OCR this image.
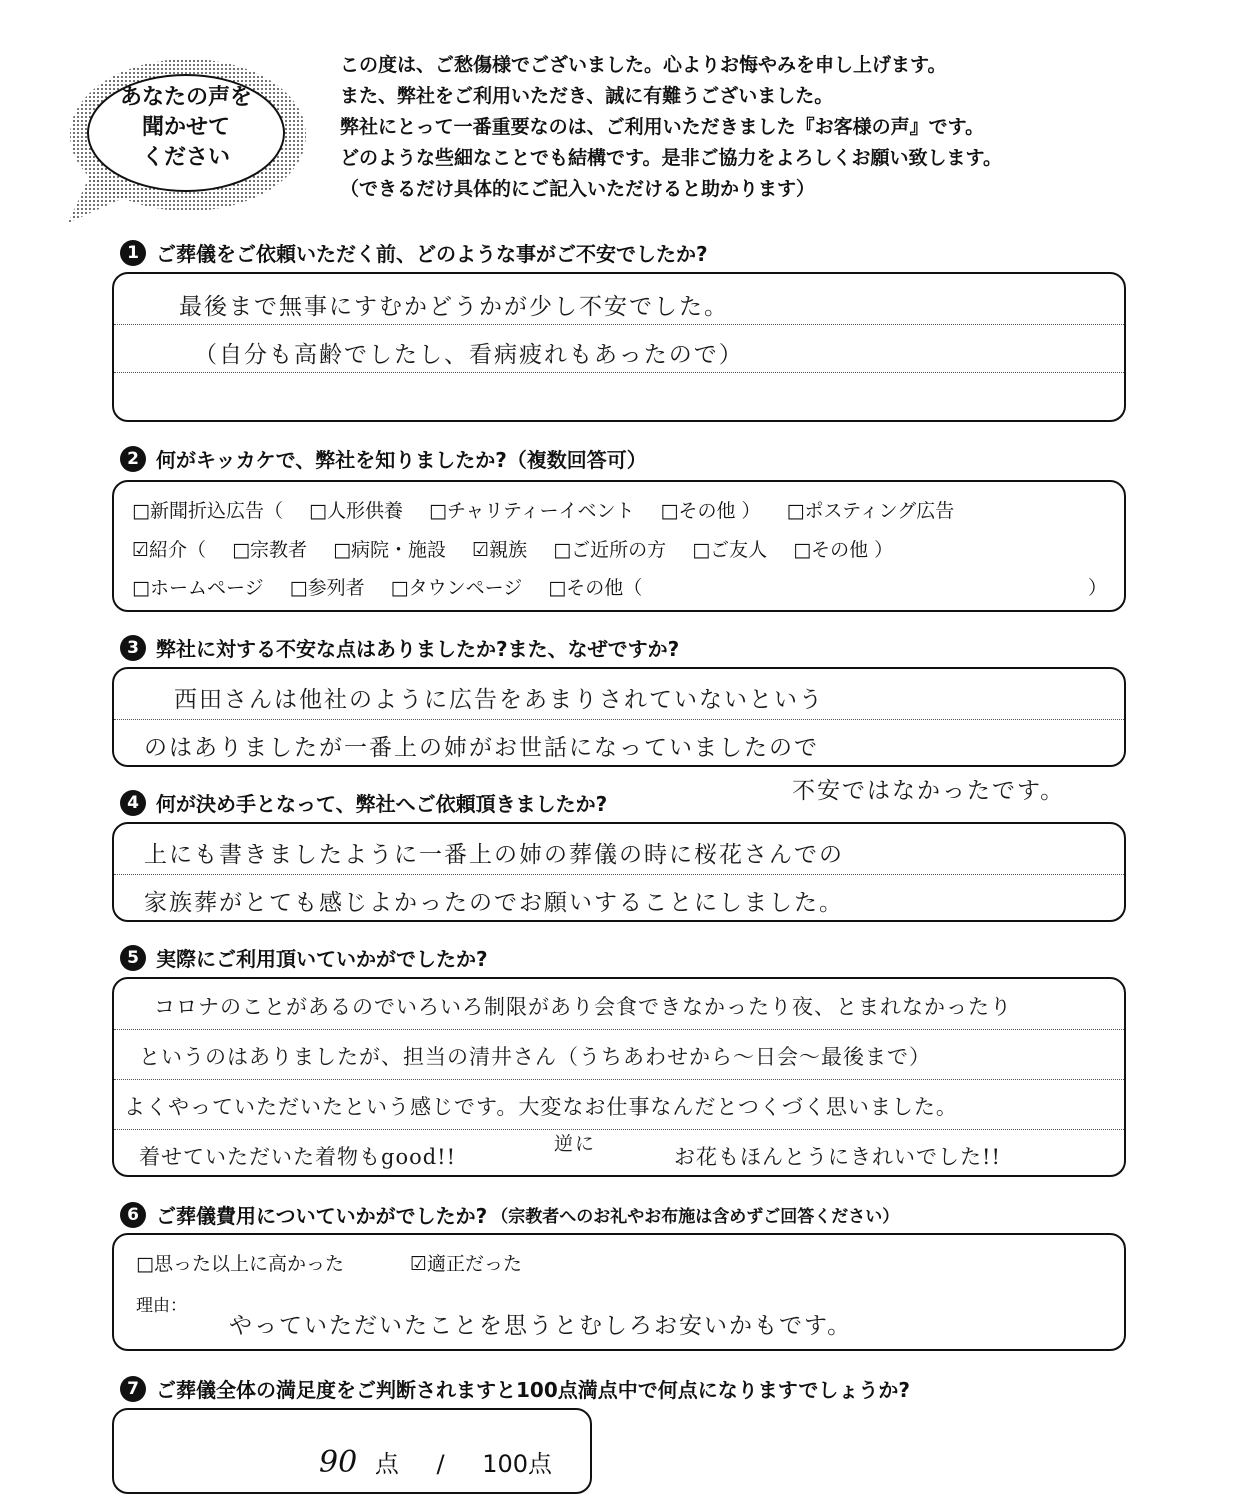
あなたの声を
聞かせて
ください
この度は、ご愁傷様でございました。心よりお悔やみを申し上げます。
また、弊社をご利用いただき、誠に有難うございました。
弊社にとって一番重要なのは、ご利用いただきました『お客様の声』です。
どのような些細なことでも結構です。是非ご協力をよろしくお願い致します。
（できるだけ具体的にご記入いただけると助かります）
1 ご葬儀をご依頼いただく前、どのような事がご不安でしたか?
最後まで無事にすむかどうかが少し不安でした。
（自分も高齢でしたし、看病疲れもあったので）
2 何がキッカケで、弊社を知りましたか?（複数回答可）
□新聞折込広告（ □人形供養 □チャリティーイベント □その他 ） □ポスティング広告
☑紹介（ □宗教者 □病院・施設 ☑親族 □ご近所の方 □ご友人 □その他 ）
□ホームページ □参列者 □タウンページ □その他（	）
3 弊社に対する不安な点はありましたか?また、なぜですか?
西田さんは他社のように広告をあまりされていないという
のはありましたが一番上の姉がお世話になっていましたので
不安ではなかったです。
4 何が決め手となって、弊社へご依頼頂きましたか?
上にも書きましたように一番上の姉の葬儀の時に桜花さんでの
家族葬がとても感じよかったのでお願いすることにしました。
5 実際にご利用頂いていかがでしたか?
コロナのことがあるのでいろいろ制限があり会食できなかったり夜、とまれなかったり
というのはありましたが、担当の清井さん（うちあわせから～日会～最後まで）
よくやっていただいたという感じです。大変なお仕事なんだとつくづく思いました。
着せていただいた着物もgood!!
逆に
お花もほんとうにきれいでした!!
6 ご葬儀費用についていかがでしたか? （宗教者へのお礼やお布施は含めずご回答ください）
□思った以上に高かった	☑適正だった
理由：
やっていただいたことを思うとむしろお安いかもです。
7 ご葬儀全体の満足度をご判断されますと100点満点中で何点になりますでしょうか?
90 点 / 100点
